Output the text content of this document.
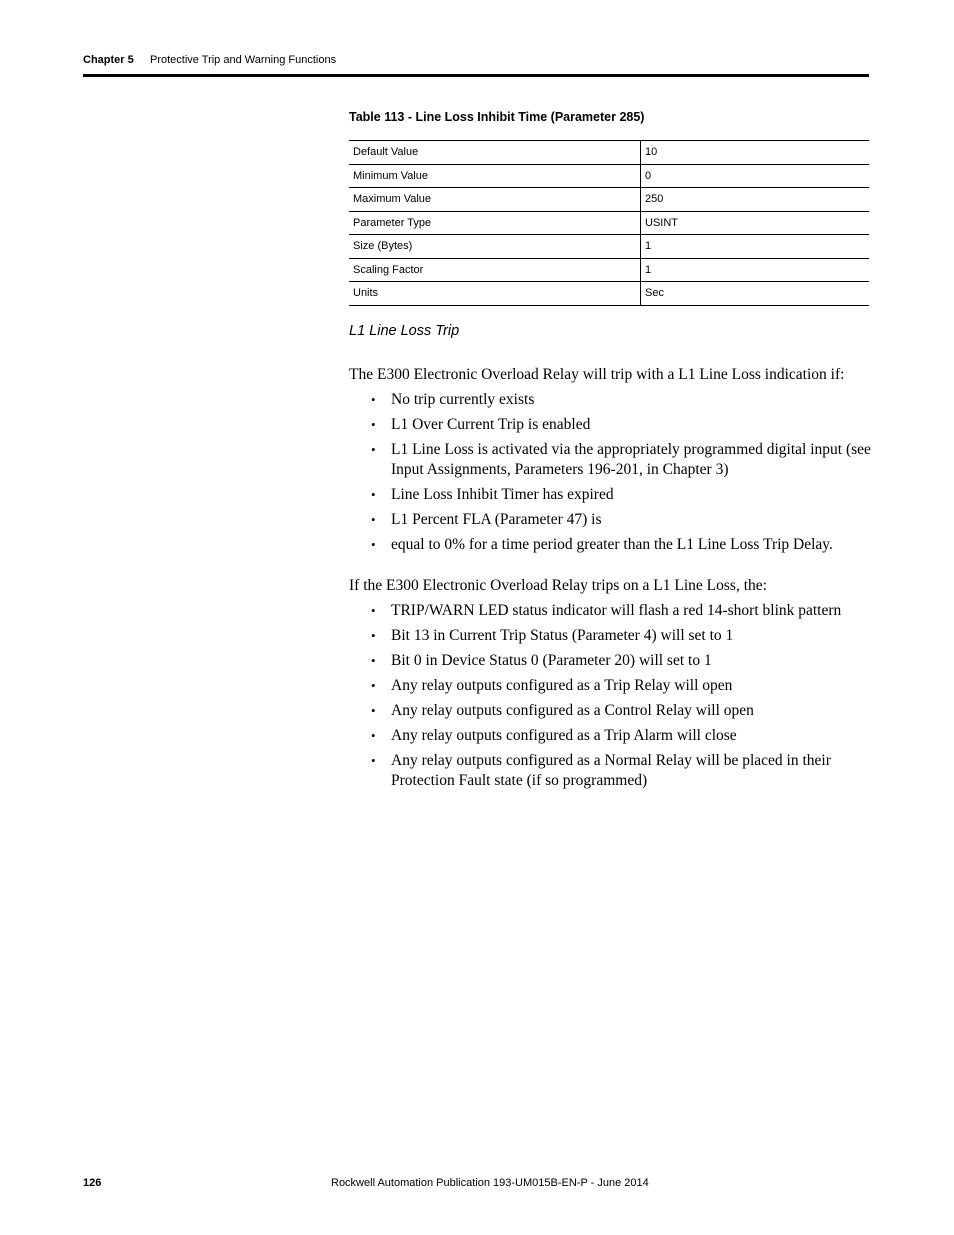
Chapter 5 Protective Trip and Warning Functions
Table 113 - Line Loss Inhibit Time (Parameter 285)
Default Value	10
Minimum Value	0
Maximum Value	250
Parameter Type	USINT
Size (Bytes)	1
Scaling Factor	1
Units	Sec
L1 Line Loss Trip
The E300 Electronic Overload Relay will trip with a L1 Line Loss indication if:
• No trip currently exists
• L1 Over Current Trip is enabled
• L1 Line Loss is activated via the appropriately programmed digital input (see Input Assignments, Parameters 196-201, in Chapter 3)
• Line Loss Inhibit Timer has expired
• L1 Percent FLA (Parameter 47) is
• equal to 0% for a time period greater than the L1 Line Loss Trip Delay.
If the E300 Electronic Overload Relay trips on a L1 Line Loss, the:
• TRIP/WARN LED status indicator will flash a red 14-short blink pattern
• Bit 13 in Current Trip Status (Parameter 4) will set to 1
• Bit 0 in Device Status 0 (Parameter 20) will set to 1
• Any relay outputs configured as a Trip Relay will open
• Any relay outputs configured as a Control Relay will open
• Any relay outputs configured as a Trip Alarm will close
• Any relay outputs configured as a Normal Relay will be placed in their Protection Fault state (if so programmed)
126	Rockwell Automation Publication 193-UM015B-EN-P - June 2014
